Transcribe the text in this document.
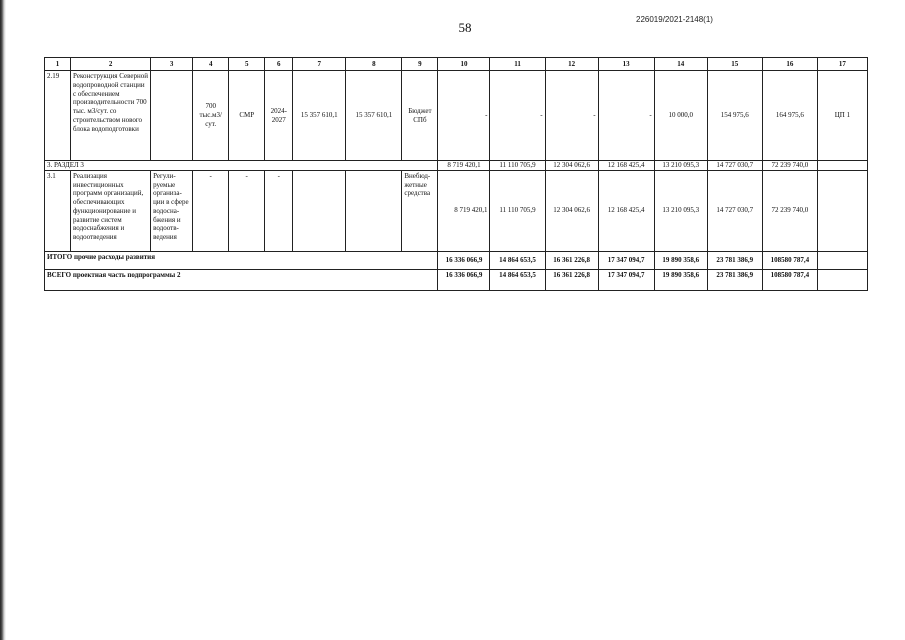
58
226019/2021-2148(1)
1	2	3	4	5	6	7	8	9	10	11	12	13	14	15	16	17
2.19	Реконструкция Северной водопроводной станции с обеспечением производительности 700 тыс. м3/сут. со строительством нового блока водоподготовки		700 тыс.м3/сут.	СМР	2024-2027	15 357 610,1	15 357 610,1	Бюджет СПб	-	-	-	-	10 000,0	154 975,6	164 975,6	ЦП 1
3. РАЗДЕЛ 3									8 719 420,1	11 110 705,9	12 304 062,6	12 168 425,4	13 210 095,3	14 727 030,7	72 239 740,0	
3.1	Реализация инвестиционных программ организаций, обеспечивающих функционирование и развитие систем водоснабжения и водоотведения	Регули-руемые организа-ции в сфере водосна-бжения и водоотв-ведения	-	-	-			Внебюд-жетные средства	8 719 420,1	11 110 705,9	12 304 062,6	12 168 425,4	13 210 095,3	14 727 030,7	72 239 740,0	
ИТОГО прочие расходы развития									16 336 066,9	14 864 653,5	16 361 226,8	17 347 094,7	19 890 358,6	23 781 386,9	108580 787,4	
ВСЕГО проектная часть подпрограммы 2									16 336 066,9	14 864 653,5	16 361 226,8	17 347 094,7	19 890 358,6	23 781 386,9	108580 787,4	
